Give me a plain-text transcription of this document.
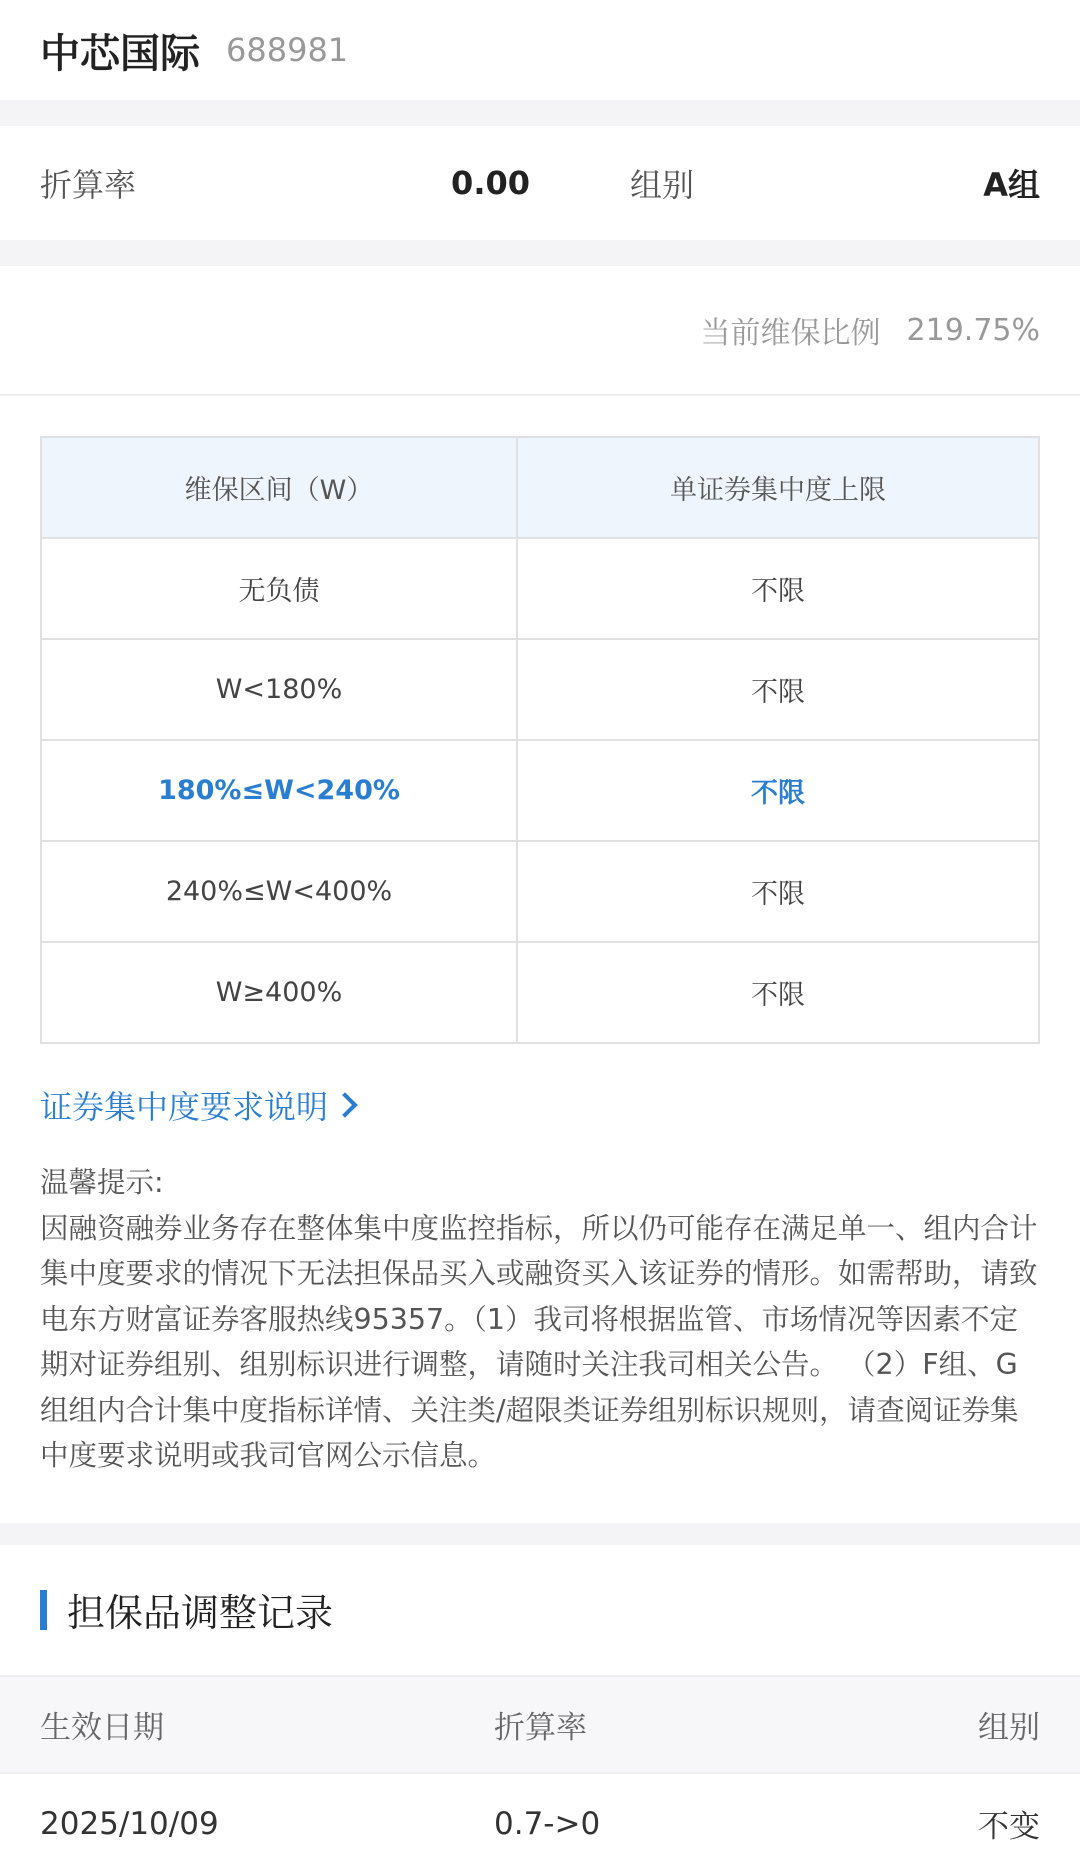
中芯国际 688981
折算率	0.00	组别	A组
当前维保比例 219.75%
维保区间（W）	单证券集中度上限
无负债	不限
W<180%	不限
180%≤W<240%	不限
240%≤W<400%	不限
W≥400%	不限
证券集中度要求说明

温馨提示:

因融资融券业务存在整体集中度监控指标，所以仍可能存在满足单一、组内合计集中度要求的情况下无法担保品买入或融资买入该证券的情形。如需帮助，请致电东方财富证券客服热线95357。（1）我司将根据监管、市场情况等因素不定期对证券组别、组别标识进行调整，请随时关注我司相关公告。 （2）F组、G组组内合计集中度指标详情、关注类/超限类证券组别标识规则，请查阅证券集中度要求说明或我司官网公示信息。

担保品调整记录
生效日期	折算率	组别
2025/10/09	0.7->0	不变
